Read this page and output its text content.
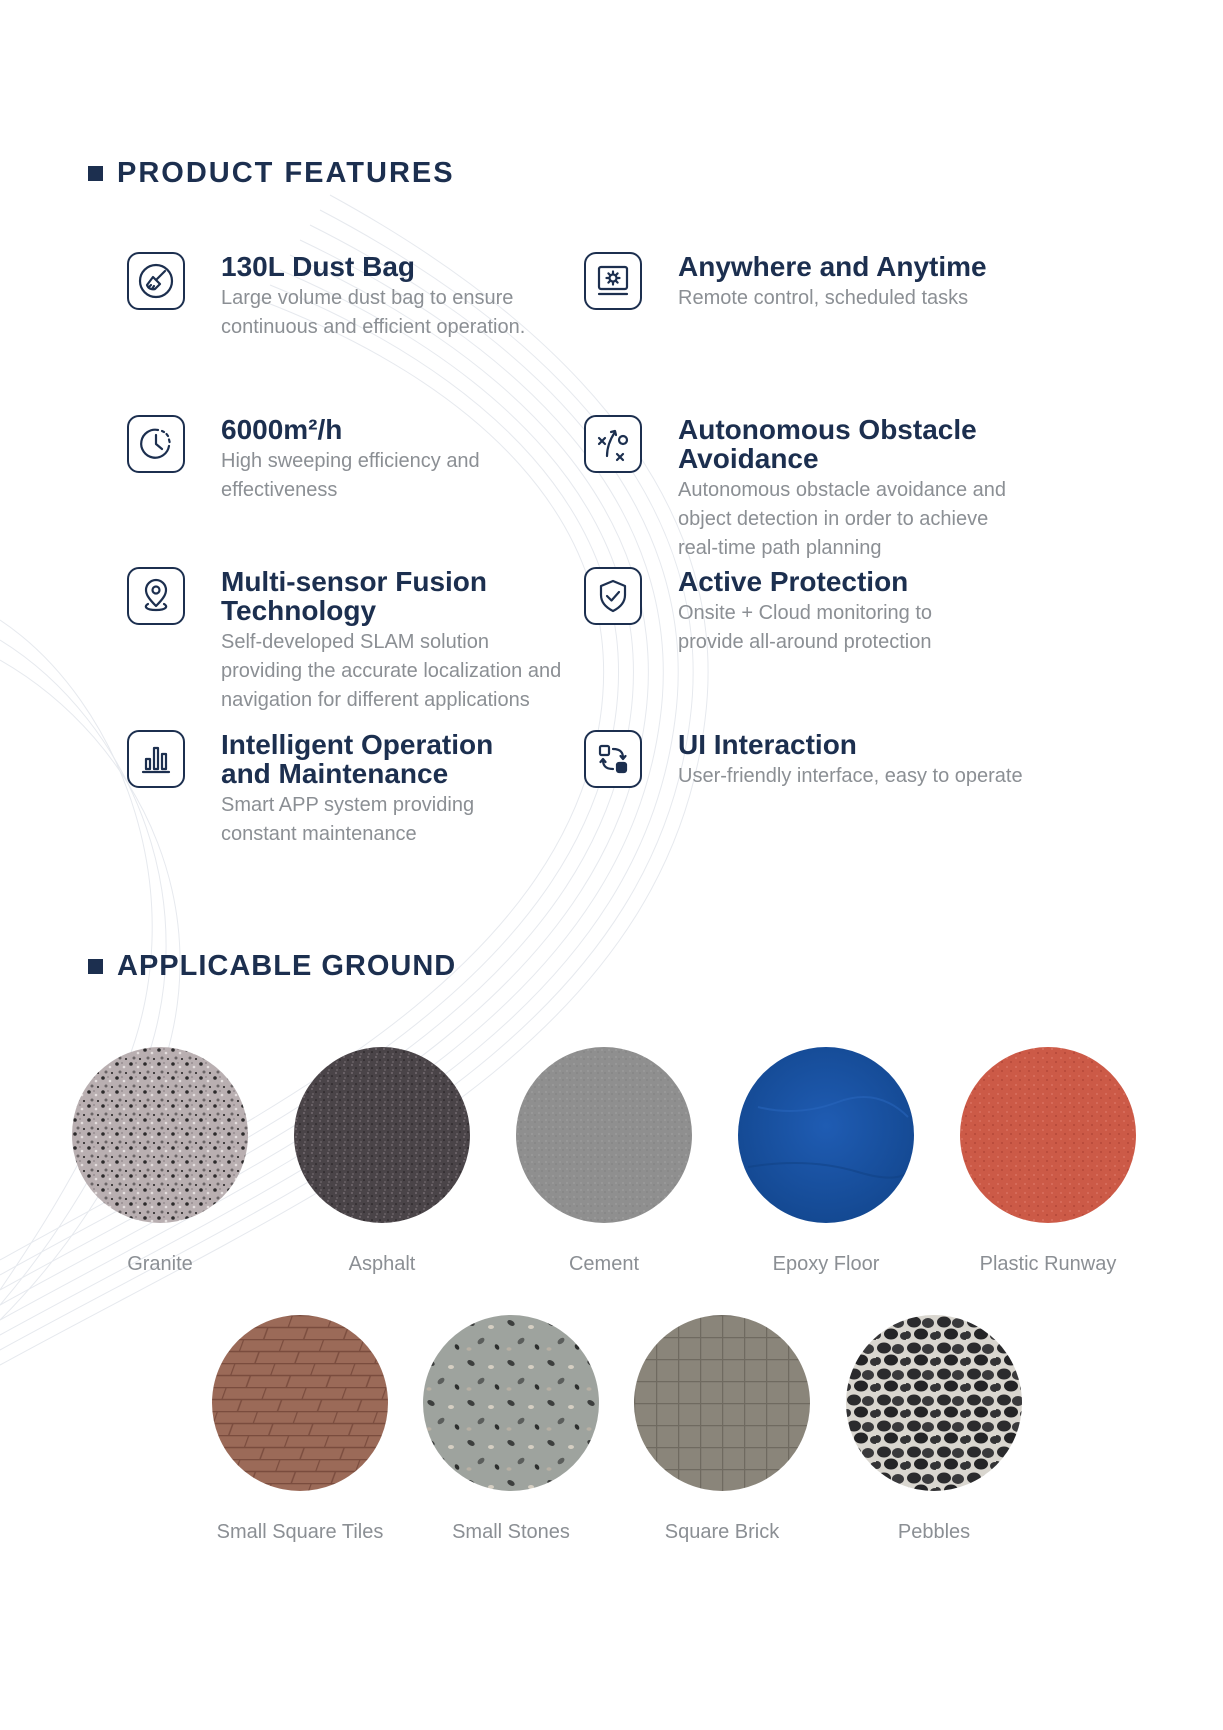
PRODUCT FEATURES
130L Dust Bag

Large volume dust bag to ensure
continuous and efficient operation.

Anywhere and Anytime

Remote control, scheduled tasks

6000m²/h

High sweeping efficiency and
effectiveness

Autonomous Obstacle
Avoidance

Autonomous obstacle avoidance and
object detection in order to achieve
real-time path planning

Multi-sensor Fusion
Technology

Self-developed SLAM solution
providing the accurate localization and
navigation for different applications

Active Protection

Onsite + Cloud monitoring to
provide all-around protection

Intelligent Operation
and Maintenance

Smart APP system providing
constant maintenance

UI Interaction

User-friendly interface, easy to operate

APPLICABLE GROUND
Granite	Asphalt	Cement	Epoxy Floor	Plastic Runway
Small Square Tiles	Small Stones	Square Brick	Pebbles
